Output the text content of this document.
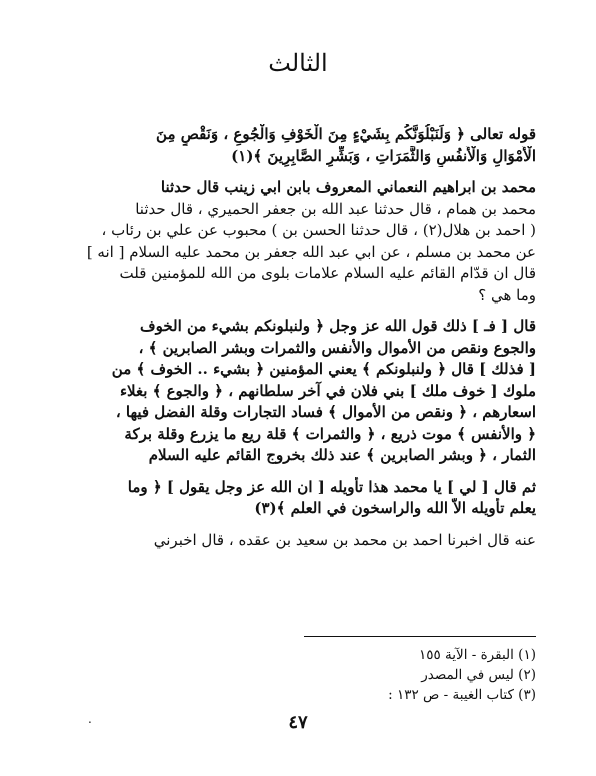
الثالث
قوله تعالى ﴿ وَلَنَبْلُوَنَّكُم بِشَيْءٍ مِنَ الْخَوْفِ وَالْجُوعِ ، وَنَقْصٍ مِنَ
الْأَمْوَالِ وَالْأَنفُسِ وَالثَّمَرَاتِ ، وَبَشِّرِ الصَّابِرِينَ ﴾(١)
محمد بن ابراهيم النعماني المعروف بابن ابي زينب قال حدثنا
محمد بن همام ، قال حدثنا عبد الله بن جعفر الحميري ، قال حدثنا
( احمد بن هلال(٢) ، قال حدثنا الحسن بن ) محبوب عن علي بن رئاب ،
عن محمد بن مسلم ، عن ابي عبد الله جعفر بن محمد عليه السلام [ انه ]
قال ان قدّام القائم عليه السلام علامات بلوى من الله للمؤمنين قلت
وما هي ؟
قال [ فـ ] ذلك قول الله عز وجل ﴿ ولنبلونكم بشيء من الخوف
والجوع ونقص من الأموال والأنفس والثمرات وبشر الصابرين ﴾ ،
[ فذلك ] قال ﴿ ولنبلونكم ﴾ يعني المؤمنين ﴿ بشيء .. الخوف ﴾ من
ملوك [ خوف ملك ] بني فلان في آخر سلطانهم ، ﴿ والجوع ﴾ بغلاء
اسعارهم ، ﴿ ونقص من الأموال ﴾ فساد التجارات وقلة الفضل فيها ،
﴿ والأنفس ﴾ موت ذريع ، ﴿ والثمرات ﴾ قلة ريع ما يزرع وقلة بركة
الثمار ، ﴿ وبشر الصابرين ﴾ عند ذلك بخروج القائم عليه السلام
ثم قال [ لي ] يا محمد هذا تأويله [ ان الله عز وجل يقول ] ﴿ وما
يعلم تأويله الاّ الله والراسخون في العلم ﴾(٣)
عنه قال اخبرنا احمد بن محمد بن سعيد بن عقده ، قال اخبرني
(١) البقرة - الآية ١٥٥
(٢) ليس في المصدر
(٣) كتاب الغيبة - ص ١٣٢ :
٤٧
.
